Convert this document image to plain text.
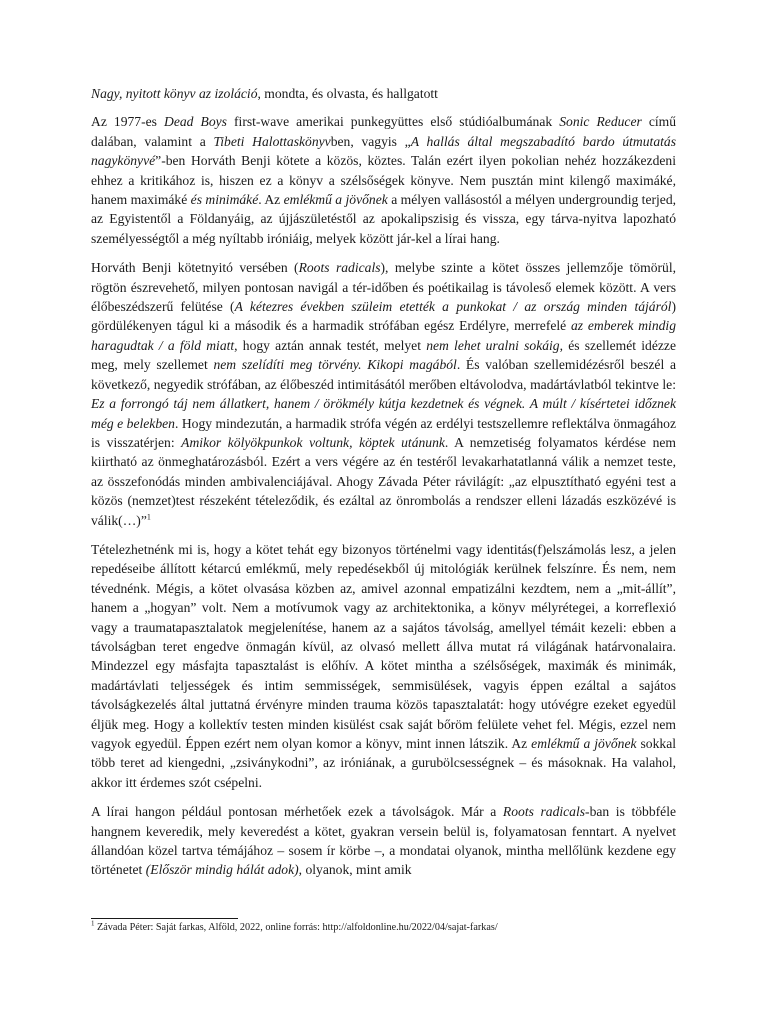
Nagy, nyitott könyv az izoláció, mondta, és olvasta, és hallgatott

Az 1977-es Dead Boys first-wave amerikai punkegyüttes első stúdióalbumának Sonic Reducer című dalában, valamint a Tibeti Halottaskönyvben, vagyis „A hallás által megszabadító bardo útmutatás nagykönyvé”-ben Horváth Benji kötete a közös, köztes. Talán ezért ilyen pokolian nehéz hozzákezdeni ehhez a kritikához is, hiszen ez a könyv a szélsőségek könyve. Nem pusztán mint kilengő maximáké, hanem maximáké és minimáké. Az emlékmű a jövőnek a mélyen vallásostól a mélyen undergroundig terjed, az Egyistentől a Földanyáig, az újjászületéstől az apokalipszisig és vissza, egy tárva-nyitva lapozható személyességtől a még nyíltabb iróniáig, melyek között jár-kel a lírai hang.

Horváth Benji kötetnyitó versében (Roots radicals), melybe szinte a kötet összes jellemzője tömörül, rögtön észrevehető, milyen pontosan navigál a tér-időben és poétikailag is távoleső elemek között. A vers élőbeszédszerű felütése (A kétezres években szüleim etették a punkokat / az ország minden tájáról) gördülékenyen tágul ki a második és a harmadik strófában egész Erdélyre, merrefelé az emberek mindig haragudtak / a föld miatt, hogy aztán annak testét, melyet nem lehet uralni sokáig, és szellemét idézze meg, mely szellemet nem szelídíti meg törvény. Kikopi magából. És valóban szellemidézésről beszél a következő, negyedik strófában, az élőbeszéd intimitásától merőben eltávolodva, madártávlatból tekintve le: Ez a forrongó táj nem állatkert, hanem / örökmély kútja kezdetnek és végnek. A múlt / kísértetei időznek még e belekben. Hogy mindezután, a harmadik strófa végén az erdélyi testszellemre reflektálva önmagához is visszatérjen: Amikor kölyökpunkok voltunk, köptek utánunk. A nemzetiség folyamatos kérdése nem kiirtható az önmeghatározásból. Ezért a vers végére az én testéről levakarhatatlanná válik a nemzet teste, az összefonódás minden ambivalenciájával. Ahogy Závada Péter rávilágít: „az elpusztítható egyéni test a közös (nemzet)test részeként tételeződik, és ezáltal az önrombolás a rendszer elleni lázadás eszközévé is válik(…)”$^1$

Tételezhetnénk mi is, hogy a kötet tehát egy bizonyos történelmi vagy identitás(f)elszámolás lesz, a jelen repedéseibe állított kétarcú emlékmű, mely repedésekből új mitológiák kerülnek felszínre. És nem, nem tévednénk. Mégis, a kötet olvasása közben az, amivel azonnal empatizálni kezdtem, nem a „mit-állít”, hanem a „hogyan” volt. Nem a motívumok vagy az architektonika, a könyv mélyrétegei, a korreflexió vagy a traumatapasztalatok megjelenítése, hanem az a sajátos távolság, amellyel témáit kezeli: ebben a távolságban teret engedve önmagán kívül, az olvasó mellett állva mutat rá világának határvonalaira. Mindezzel egy másfajta tapasztalást is előhív. A kötet mintha a szélsőségek, maximák és minimák, madártávlati teljességek és intim semmisségek, semmisülések, vagyis éppen ezáltal a sajátos távolságkezelés által juttatná érvényre minden trauma közös tapasztalatát: hogy utóvégre ezeket egyedül éljük meg. Hogy a kollektív testen minden kisülést csak saját bőröm felülete vehet fel. Mégis, ezzel nem vagyok egyedül. Éppen ezért nem olyan komor a könyv, mint innen látszik. Az emlékmű a jövőnek sokkal több teret ad kiengedni, „zsiványkodni”, az iróniának, a gurubölcsességnek – és másoknak. Ha valahol, akkor itt érdemes szót csépelni.

A lírai hangon például pontosan mérhetőek ezek a távolságok. Már a Roots radicals-ban is többféle hangnem keveredik, mely keveredést a kötet, gyakran versein belül is, folyamatosan fenntart. A nyelvet állandóan közel tartva témájához – sosem ír körbe –, a mondatai olyanok, mintha mellőlünk kezdene egy történetet (Először mindig hálát adok), olyanok, mint amik

$^1$ Závada Péter: Saját farkas, Alföld, 2022, online forrás: http://alfoldonline.hu/2022/04/sajat-farkas/
